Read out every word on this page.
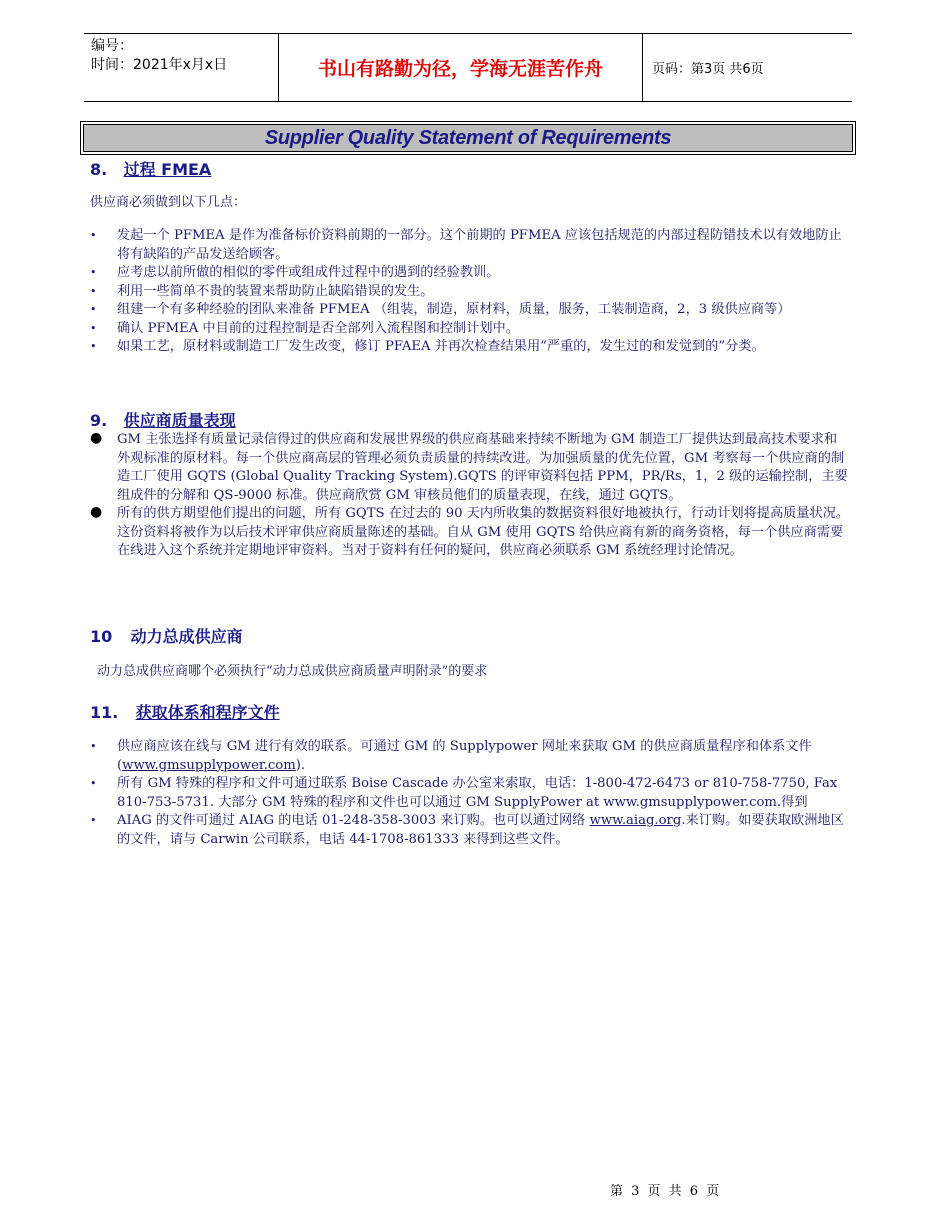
编号：
时间：2021年x月x日	书山有路勤为径，学海无涯苦作舟	页码：第3页 共6页
Supplier Quality Statement of Requirements
8. 过程 FMEA
供应商必须做到以下几点：
• 发起一个 PFMEA 是作为准备标价资料前期的一部分。这个前期的 PFMEA 应该包括规范的内部过程防错技术以有效地防止将有缺陷的产品发送给顾客。
• 应考虑以前所做的相似的零件或组成件过程中的遇到的经验教训。
• 利用一些简单不贵的装置来帮助防止缺陷错误的发生。
• 组建一个有多种经验的团队来准备 PFMEA （组装，制造，原材料，质量，服务，工装制造商，2，3 级供应商等）
• 确认 PFMEA 中目前的过程控制是否全部列入流程图和控制计划中。
• 如果工艺，原材料或制造工厂发生改变，修订 PFAEA 并再次检查结果用“严重的，发生过的和发觉到的”分类。
9. 供应商质量表现
● GM 主张选择有质量记录信得过的供应商和发展世界级的供应商基础来持续不断地为 GM 制造工厂提供达到最高技术要求和外观标准的原材料。每一个供应商高层的管理必须负责质量的持续改进。为加强质量的优先位置，GM 考察每一个供应商的制造工厂使用 GQTS (Global Quality Tracking System).GQTS 的评审资料包括 PPM，PR/Rs，1，2 级的运输控制，主要组成件的分解和 QS-9000 标准。供应商欣赏 GM 审核员他们的质量表现，在线，通过 GQTS。
● 所有的供方期望他们提出的问题，所有 GQTS 在过去的 90 天内所收集的数据资料很好地被执行，行动计划将提高质量状况。这份资料将被作为以后技术评审供应商质量陈述的基础。自从 GM 使用 GQTS 给供应商有新的商务资格，每一个供应商需要在线进入这个系统并定期地评审资料。当对于资料有任何的疑问，供应商必须联系 GM 系统经理讨论情况。
10 动力总成供应商
动力总成供应商哪个必须执行“动力总成供应商质量声明附录”的要求
11. 获取体系和程序文件
• 供应商应该在线与 GM 进行有效的联系。可通过 GM 的 Supplypower 网址来获取 GM 的供应商质量程序和体系文件(www.gmsupplypower.com).
• 所有 GM 特殊的程序和文件可通过联系 Boise Cascade 办公室来索取，电话：1-800-472-6473 or 810-758-7750, Fax 810-753-5731. 大部分 GM 特殊的程序和文件也可以通过 GM SupplyPower at www.gmsupplypower.com.得到
• AIAG 的文件可通过 AIAG 的电话 01-248-358-3003 来订购。也可以通过网络 www.aiag.org.来订购。如要获取欧洲地区的文件，请与 Carwin 公司联系，电话 44-1708-861333 来得到这些文件。
第 3 页 共 6 页
